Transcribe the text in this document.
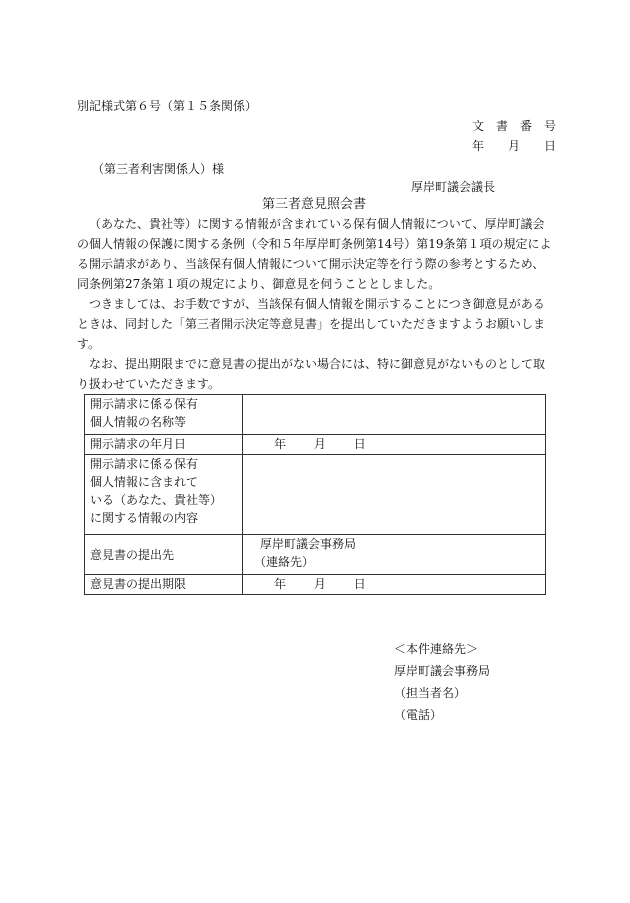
別記様式第６号（第１５条関係）
文　書　番　号
年　　月　　日
（第三者利害関係人）様
厚岸町議会議長
第三者意見照会書

（あなた、貴社等）に関する情報が含まれている保有個人情報について、厚岸町議会の個人情報の保護に関する条例（令和５年厚岸町条例第14号）第19条第１項の規定による開示請求があり、当該保有個人情報について開示決定等を行う際の参考とするため、同条例第27条第１項の規定により、御意見を伺うこととしました。

つきましては、お手数ですが、当該保有個人情報を開示することにつき御意見があるときは、同封した「第三者開示決定等意見書」を提出していただきますようお願いします。

なお、提出期限までに意見書の提出がない場合には、特に御意見がないものとして取り扱わせていただきます。

開示請求に係る保有
個人情報の名称等	

開示請求の年月日	年 月 日

開示請求に係る保有
個人情報に含まれて
いる（あなた、貴社等）
に関する情報の内容	

意見書の提出先	厚岸町議会事務局
（連絡先）

意見書の提出期限	年 月 日
＜本件連絡先＞
厚岸町議会事務局
（担当者名）
（電話）
